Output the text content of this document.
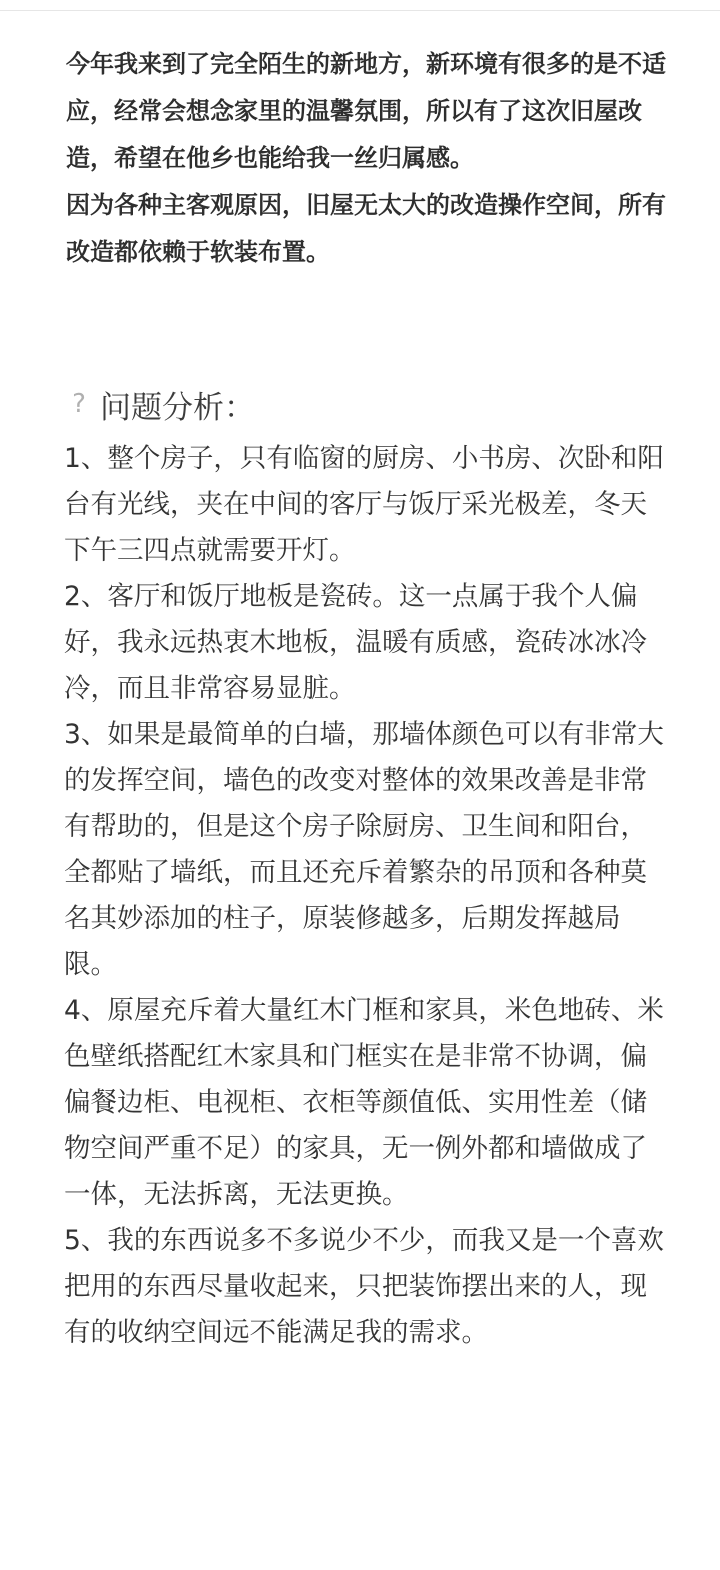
今年我来到了完全陌生的新地方，新环境有很多的是不适应，经常会想念家里的温馨氛围，所以有了这次旧屋改造，希望在他乡也能给我一丝归属感。

因为各种主客观原因，旧屋无太大的改造操作空间，所有改造都依赖于软装布置。

? 问题分析：

1、整个房子，只有临窗的厨房、小书房、次卧和阳台有光线，夹在中间的客厅与饭厅采光极差，冬天下午三四点就需要开灯。

2、客厅和饭厅地板是瓷砖。这一点属于我个人偏好，我永远热衷木地板，温暖有质感，瓷砖冰冰冷冷，而且非常容易显脏。

3、如果是最简单的白墙，那墙体颜色可以有非常大的发挥空间，墙色的改变对整体的效果改善是非常有帮助的，但是这个房子除厨房、卫生间和阳台，全都贴了墙纸，而且还充斥着繁杂的吊顶和各种莫名其妙添加的柱子，原装修越多，后期发挥越局限。

4、原屋充斥着大量红木门框和家具，米色地砖、米色壁纸搭配红木家具和门框实在是非常不协调，偏偏餐边柜、电视柜、衣柜等颜值低、实用性差（储物空间严重不足）的家具，无一例外都和墙做成了一体，无法拆离，无法更换。

5、我的东西说多不多说少不少，而我又是一个喜欢把用的东西尽量收起来，只把装饰摆出来的人，现有的收纳空间远不能满足我的需求。
